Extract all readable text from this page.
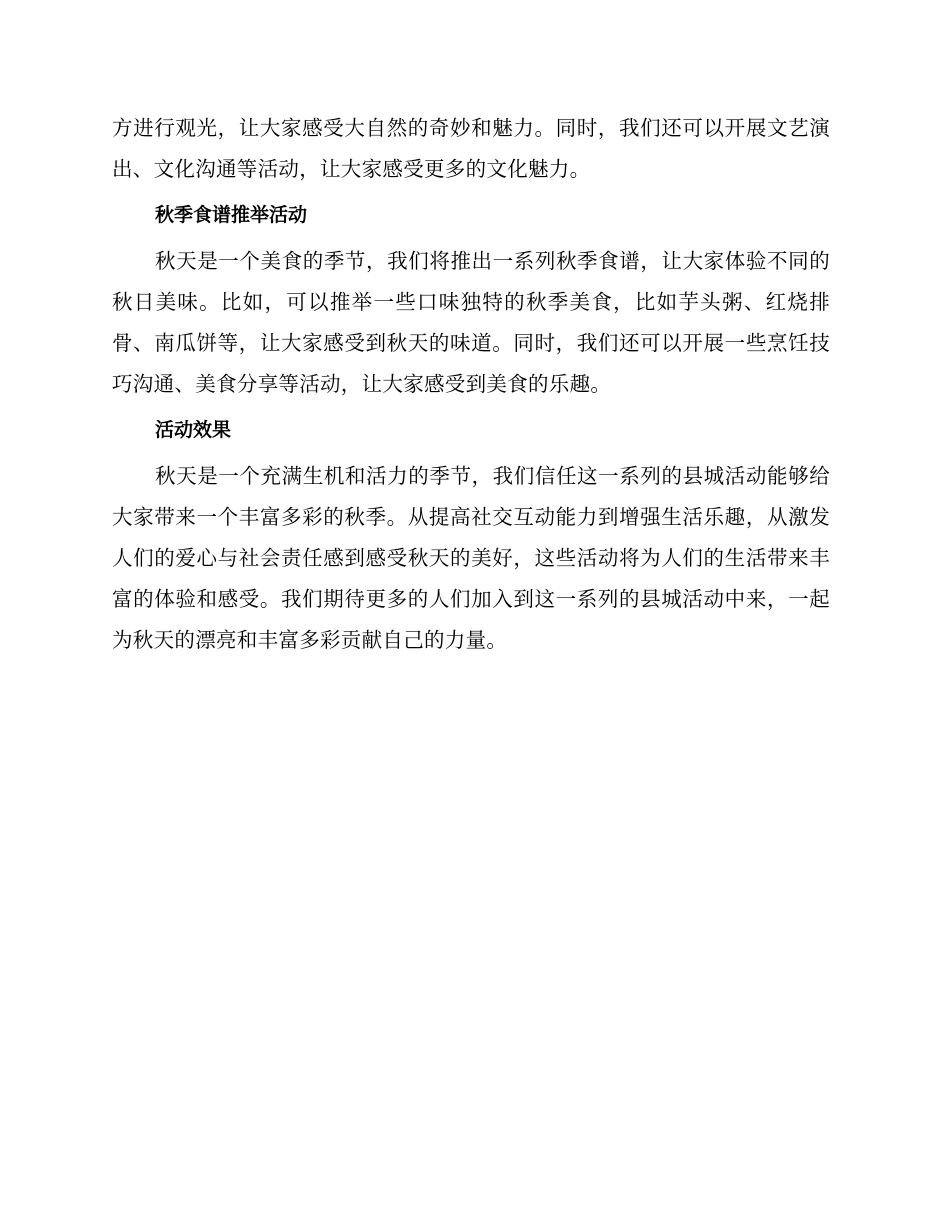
方进行观光，让大家感受大自然的奇妙和魅力。同时，我们还可以开展文艺演出、文化沟通等活动，让大家感受更多的文化魅力。

秋季食谱推举活动

秋天是一个美食的季节，我们将推出一系列秋季食谱，让大家体验不同的秋日美味。比如，可以推举一些口味独特的秋季美食，比如芋头粥、红烧排骨、南瓜饼等，让大家感受到秋天的味道。同时，我们还可以开展一些烹饪技巧沟通、美食分享等活动，让大家感受到美食的乐趣。

活动效果

秋天是一个充满生机和活力的季节，我们信任这一系列的县城活动能够给大家带来一个丰富多彩的秋季。从提高社交互动能力到增强生活乐趣，从激发人们的爱心与社会责任感到感受秋天的美好，这些活动将为人们的生活带来丰富的体验和感受。我们期待更多的人们加入到这一系列的县城活动中来，一起为秋天的漂亮和丰富多彩贡献自己的力量。
